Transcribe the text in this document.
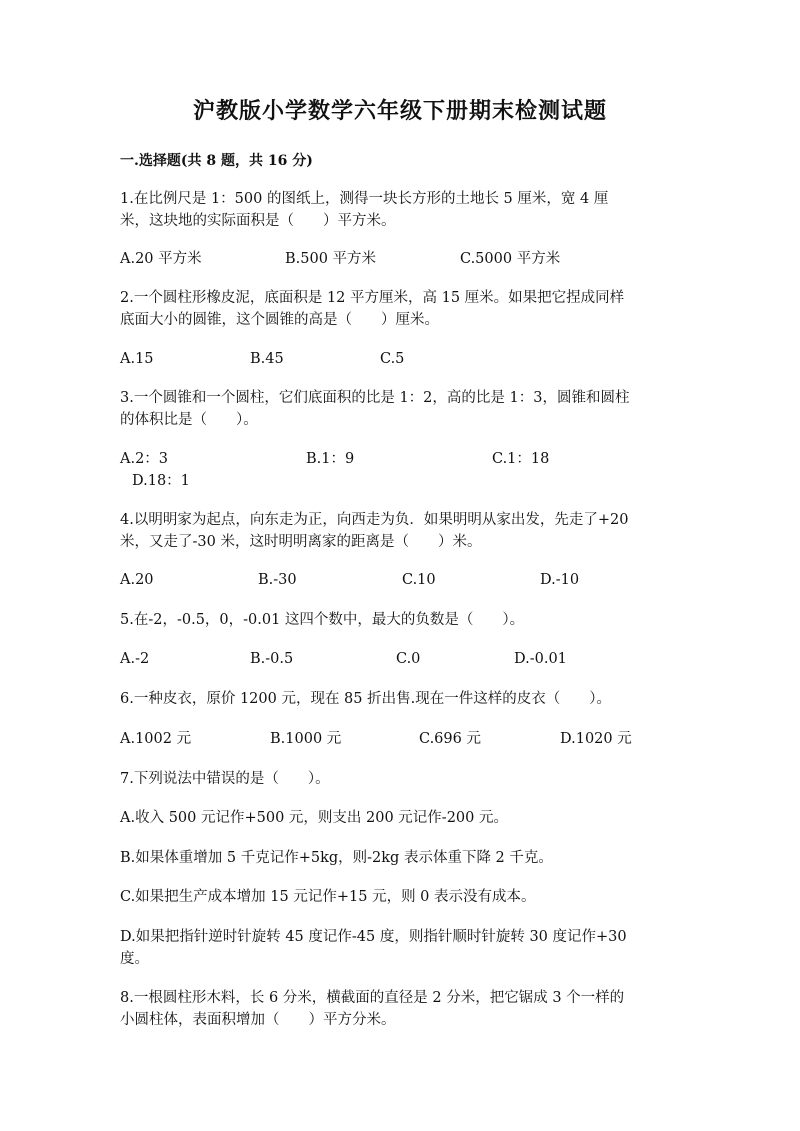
沪教版小学数学六年级下册期末检测试题
一.选择题(共 8 题，共 16 分)
1.在比例尺是 1：500 的图纸上，测得一块长方形的土地长 5 厘米，宽 4 厘
米，这块地的实际面积是（　　）平方米。
A.20 平方米	B.500 平方米	C.5000 平方米
2.一个圆柱形橡皮泥，底面积是 12 平方厘米，高 15 厘米。如果把它捏成同样
底面大小的圆锥，这个圆锥的高是（　　）厘米。
A.15	B.45	C.5
3.一个圆锥和一个圆柱，它们底面积的比是 1：2，高的比是 1：3，圆锥和圆柱
的体积比是（　　）。
A.2：3	B.1：9	C.1：18
D.18：1
4.以明明家为起点，向东走为正，向西走为负．如果明明从家出发，先走了+20
米，又走了-30 米，这时明明离家的距离是（　　）米。
A.20	B.-30	C.10	D.-10
5.在-2，-0.5，0，-0.01 这四个数中，最大的负数是（　　）。
A.-2	B.-0.5	C.0	D.-0.01
6.一种皮衣，原价 1200 元，现在 85 折出售.现在一件这样的皮衣（　　）。
A.1002 元	B.1000 元	C.696 元	D.1020 元
7.下列说法中错误的是（　　）。
A.收入 500 元记作+500 元，则支出 200 元记作-200 元。
B.如果体重增加 5 千克记作+5kg，则-2kg 表示体重下降 2 千克。
C.如果把生产成本增加 15 元记作+15 元，则 0 表示没有成本。
D.如果把指针逆时针旋转 45 度记作-45 度，则指针顺时针旋转 30 度记作+30
度。
8.一根圆柱形木料，长 6 分米，横截面的直径是 2 分米，把它锯成 3 个一样的
小圆柱体，表面积增加（　　）平方分米。
